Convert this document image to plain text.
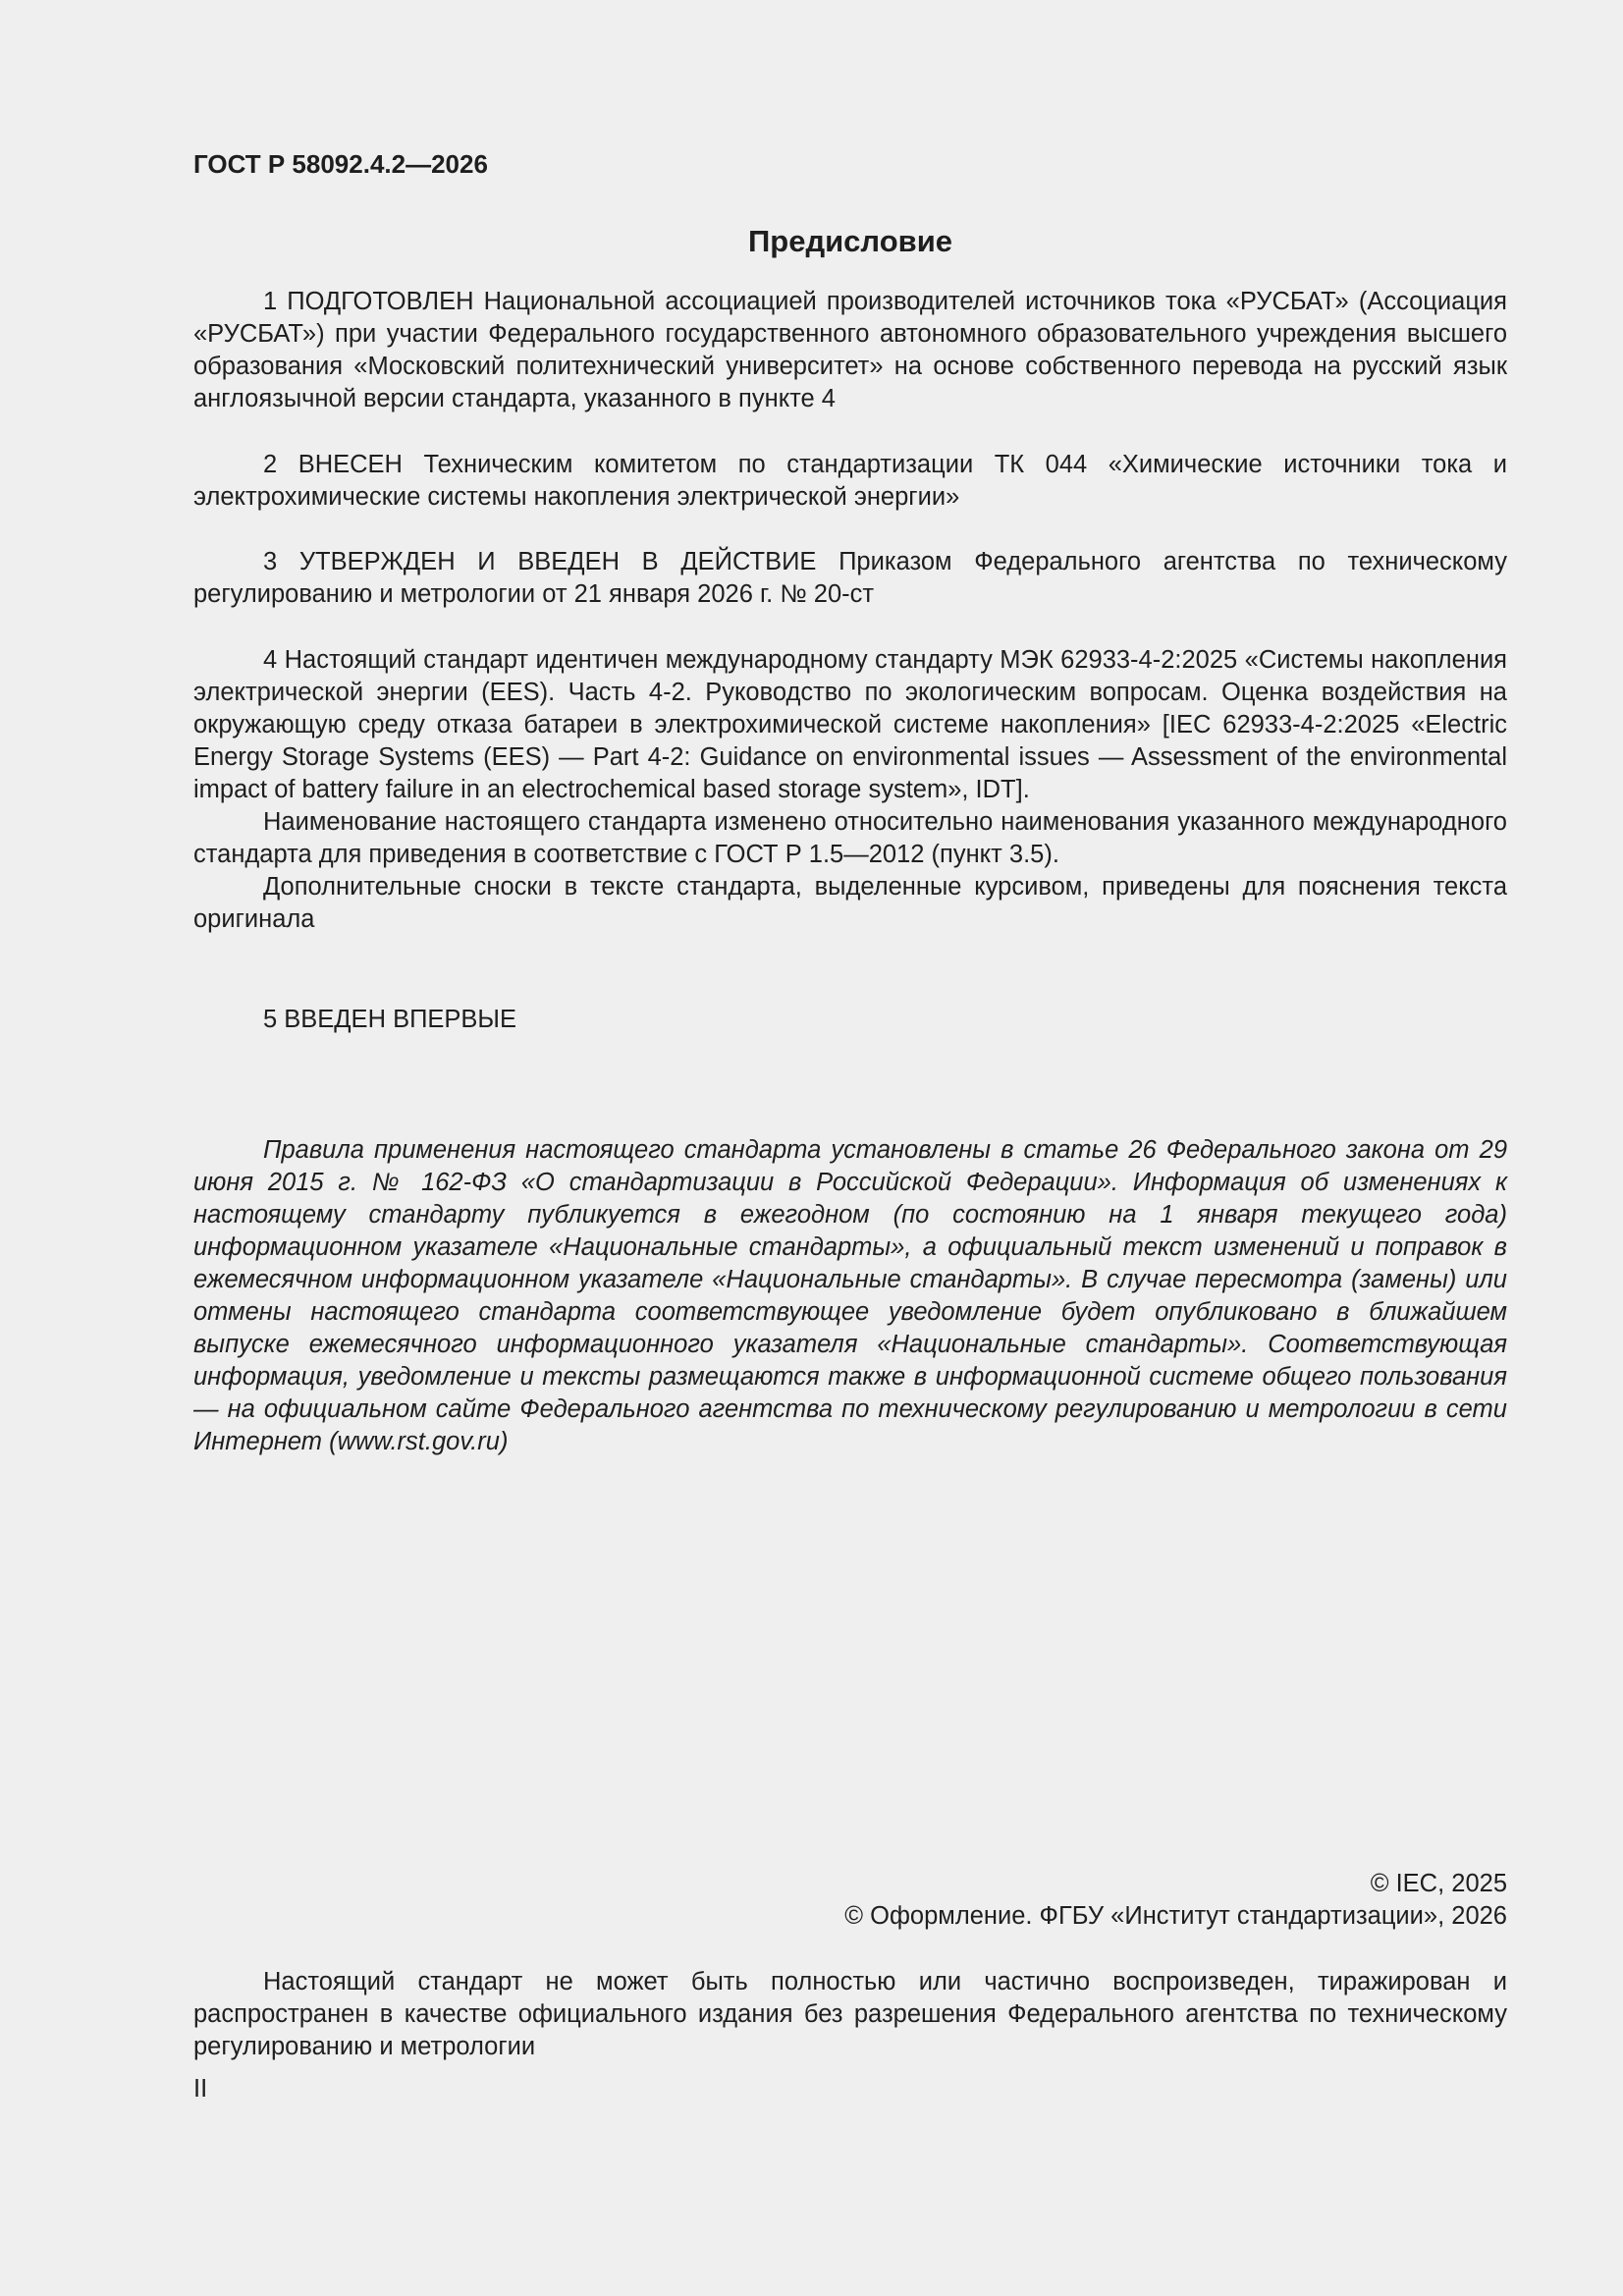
ГОСТ Р 58092.4.2—2026
Предисловие

1 ПОДГОТОВЛЕН Национальной ассоциацией производителей источников тока «РУСБАТ» (Ассоциация «РУСБАТ») при участии Федерального государственного автономного образовательного учреждения высшего образования «Московский политехнический университет» на основе собственного перевода на русский язык англоязычной версии стандарта, указанного в пункте 4

2 ВНЕСЕН Техническим комитетом по стандартизации ТК 044 «Химические источники тока и электрохимические системы накопления электрической энергии»

3 УТВЕРЖДЕН И ВВЕДЕН В ДЕЙСТВИЕ Приказом Федерального агентства по техническому регулированию и метрологии от 21 января 2026 г. № 20-ст

4 Настоящий стандарт идентичен международному стандарту МЭК 62933-4-2:2025 «Системы накопления электрической энергии (EES). Часть 4-2. Руководство по экологическим вопросам. Оценка воздействия на окружающую среду отказа батареи в электрохимической системе накопления» [IEC 62933-4-2:2025 «Electric Energy Storage Systems (EES) — Part 4-2: Guidance on environmental issues — Assessment of the environmental impact of battery failure in an electrochemical based storage system», IDT].

Наименование настоящего стандарта изменено относительно наименования указанного международного стандарта для приведения в соответствие с ГОСТ Р 1.5—2012 (пункт 3.5).

Дополнительные сноски в тексте стандарта, выделенные курсивом, приведены для пояснения текста оригинала

5 ВВЕДЕН ВПЕРВЫЕ

Правила применения настоящего стандарта установлены в статье 26 Федерального закона от 29 июня 2015 г. № 162-ФЗ «О стандартизации в Российской Федерации». Информация об изменениях к настоящему стандарту публикуется в ежегодном (по состоянию на 1 января текущего года) информационном указателе «Национальные стандарты», а официальный текст изменений и поправок в ежемесячном информационном указателе «Национальные стандарты». В случае пересмотра (замены) или отмены настоящего стандарта соответствующее уведомление будет опубликовано в ближайшем выпуске ежемесячного информационного указателя «Национальные стандарты». Соответствующая информация, уведомление и тексты размещаются также в информационной системе общего пользования — на официальном сайте Федерального агентства по техническому регулированию и метрологии в сети Интернет (www.rst.gov.ru)

© IEC, 2025
© Оформление. ФГБУ «Институт стандартизации», 2026

Настоящий стандарт не может быть полностью или частично воспроизведен, тиражирован и распространен в качестве официального издания без разрешения Федерального агентства по техническому регулированию и метрологии

II
